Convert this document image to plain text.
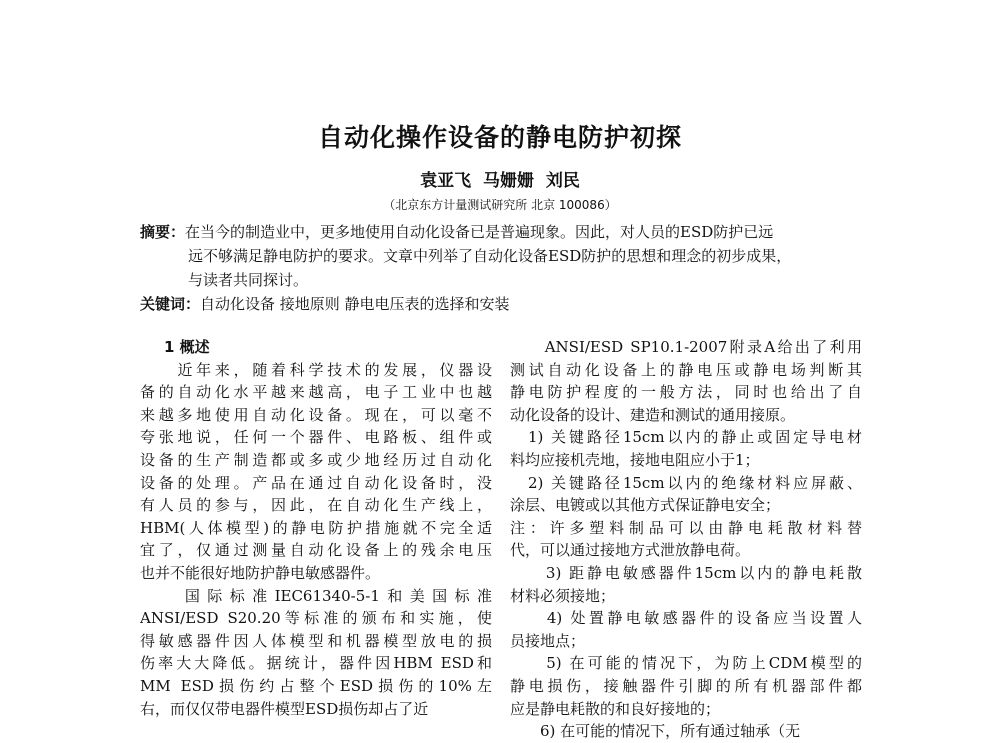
自动化操作设备的静电防护初探
袁亚飞 马姗姗 刘民
（北京东方计量测试研究所 北京 100086）
摘要：在当今的制造业中，更多地使用自动化设备已是普遍现象。因此，对人员的ESD防护已远
远不够满足静电防护的要求。文章中列举了自动化设备ESD防护的思想和理念的初步成果，
与读者共同探讨。
关键词：自动化设备 接地原则 静电电压表的选择和安装
1 概述
　　近年来，随着科学技术的发展，仪器设
备的自动化水平越来越高，电子工业中也越
来越多地使用自动化设备。现在，可以毫不
夸张地说，任何一个器件、电路板、组件或
设备的生产制造都或多或少地经历过自动化
设备的处理。产品在通过自动化设备时，没
有人员的参与，因此，在自动化生产线上，
HBM(人体模型)的静电防护措施就不完全适
宜了，仅通过测量自动化设备上的残余电压
也并不能很好地防护静电敏感器件。
　　国际标准IEC61340-5-1和美国标准
ANSI/ESD S20.20等标准的颁布和实施，使
得敏感器件因人体模型和机器模型放电的损
伤率大大降低。据统计，器件因HBM ESD和
MM ESD损伤约占整个ESD损伤的10%左
右，而仅仅带电器件模型ESD损伤却占了近
　　ANSI/ESD SP10.1-2007附录A给出了利用
测试自动化设备上的静电压或静电场判断其
静电防护程度的一般方法，同时也给出了自
动化设备的设计、建造和测试的通用接原。
　1) 关键路径15cm以内的静止或固定导电材
料均应接机壳地，接地电阻应小于1；
　2) 关键路径15cm以内的绝缘材料应屏蔽、
涂层、电镀或以其他方式保证静电安全；
注：许多塑料制品可以由静电耗散材料替
代，可以通过接地方式泄放静电荷。
　　3) 距静电敏感器件15cm以内的静电耗散
材料必须接地；
　　4) 处置静电敏感器件的设备应当设置人
员接地点；
　　5) 在可能的情况下，为防上CDM模型的
静电损伤，接触器件引脚的所有机器部件都
应是静电耗散的和良好接地的；
　　6) 在可能的情况下，所有通过轴承（无
